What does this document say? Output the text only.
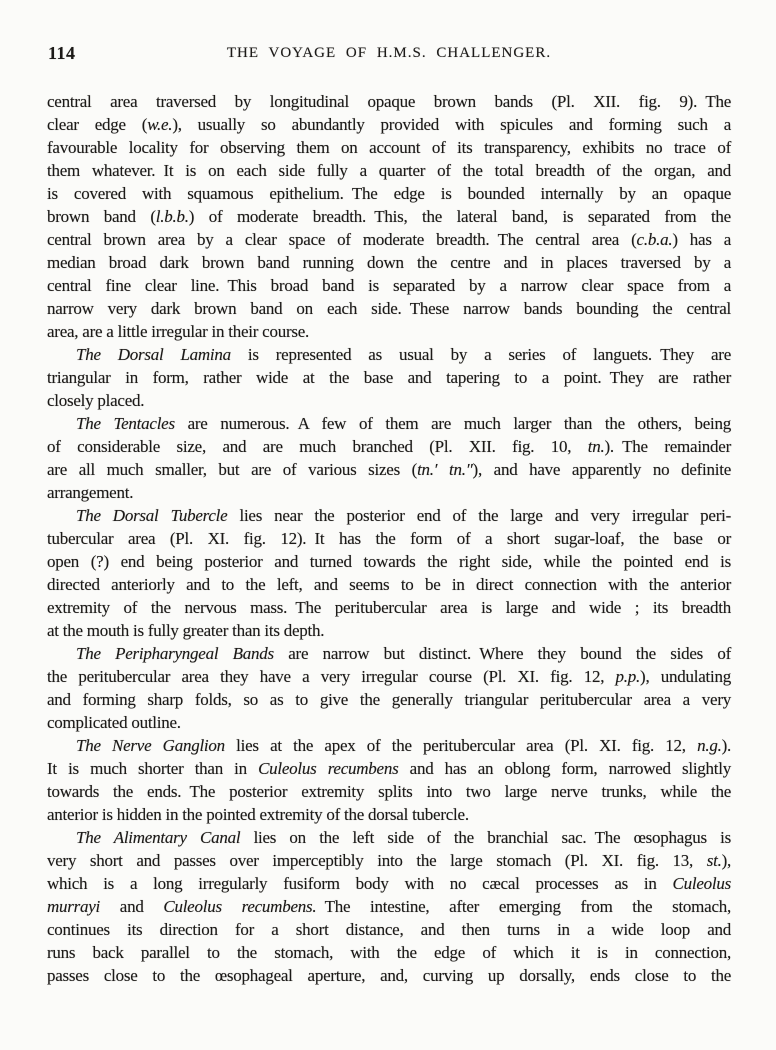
114	THE VOYAGE OF H.M.S. CHALLENGER.
central area traversed by longitudinal opaque brown bands (Pl. XII. fig. 9). The
clear edge (w.e.), usually so abundantly provided with spicules and forming such a
favourable locality for observing them on account of its transparency, exhibits no trace of
them whatever. It is on each side fully a quarter of the total breadth of the organ, and
is covered with squamous epithelium. The edge is bounded internally by an opaque
brown band (l.b.b.) of moderate breadth. This, the lateral band, is separated from the
central brown area by a clear space of moderate breadth. The central area (c.b.a.) has a
median broad dark brown band running down the centre and in places traversed by a
central fine clear line. This broad band is separated by a narrow clear space from a
narrow very dark brown band on each side. These narrow bands bounding the central
area, are a little irregular in their course.
The Dorsal Lamina is represented as usual by a series of languets. They are
triangular in form, rather wide at the base and tapering to a point. They are rather
closely placed.
The Tentacles are numerous. A few of them are much larger than the others, being
of considerable size, and are much branched (Pl. XII. fig. 10, tn.). The remainder
are all much smaller, but are of various sizes (tn.′ tn.″), and have apparently no definite
arrangement.
The Dorsal Tubercle lies near the posterior end of the large and very irregular peri-
tubercular area (Pl. XI. fig. 12). It has the form of a short sugar-loaf, the base or
open (?) end being posterior and turned towards the right side, while the pointed end is
directed anteriorly and to the left, and seems to be in direct connection with the anterior
extremity of the nervous mass. The peritubercular area is large and wide ; its breadth
at the mouth is fully greater than its depth.
The Peripharyngeal Bands are narrow but distinct. Where they bound the sides of
the peritubercular area they have a very irregular course (Pl. XI. fig. 12, p.p.), undulating
and forming sharp folds, so as to give the generally triangular peritubercular area a very
complicated outline.
The Nerve Ganglion lies at the apex of the peritubercular area (Pl. XI. fig. 12, n.g.).
It is much shorter than in Culeolus recumbens and has an oblong form, narrowed slightly
towards the ends. The posterior extremity splits into two large nerve trunks, while the
anterior is hidden in the pointed extremity of the dorsal tubercle.
The Alimentary Canal lies on the left side of the branchial sac. The œsophagus is
very short and passes over imperceptibly into the large stomach (Pl. XI. fig. 13, st.),
which is a long irregularly fusiform body with no cæcal processes as in Culeolus
murrayi and Culeolus recumbens. The intestine, after emerging from the stomach,
continues its direction for a short distance, and then turns in a wide loop and
runs back parallel to the stomach, with the edge of which it is in connection,
passes close to the œsophageal aperture, and, curving up dorsally, ends close to the
